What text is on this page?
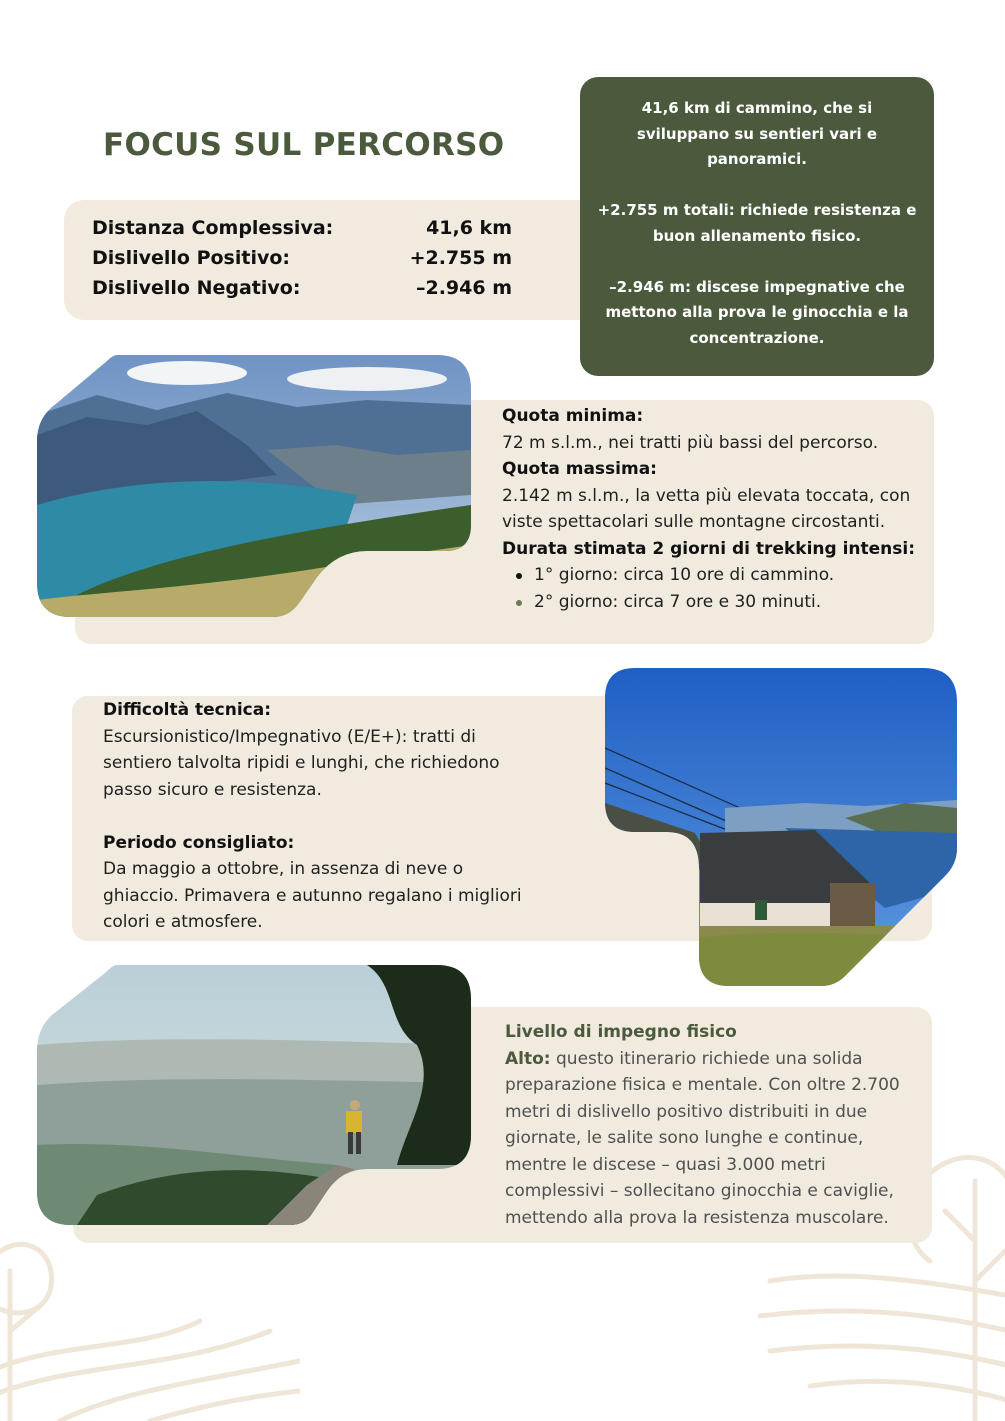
FOCUS SUL PERCORSO
Distanza Complessiva:	41,6 km
Dislivello Positivo:	+2.755 m
Dislivello Negativo:	–2.946 m

41,6 km di cammino, che si sviluppano su sentieri vari e panoramici.

+2.755 m totali: richiede resistenza e buon allenamento fisico.

–2.946 m: discese impegnative che mettono alla prova le ginocchia e la concentrazione.

Quota minima:
72 m s.l.m., nei tratti più bassi del percorso.
Quota massima:
2.142 m s.l.m., la vetta più elevata toccata, con viste spettacolari sulle montagne circostanti.
Durata stimata 2 giorni di trekking intensi:
1° giorno: circa 10 ore di cammino.
2° giorno: circa 7 ore e 30 minuti.
Difficoltà tecnica:
Escursionistico/Impegnativo (E/E+): tratti di sentiero talvolta ripidi e lunghi, che richiedono passo sicuro e resistenza.
Periodo consigliato:
Da maggio a ottobre, in assenza di neve o ghiaccio. Primavera e autunno regalano i migliori colori e atmosfere.
Livello di impegno fisico
Alto: questo itinerario richiede una solida preparazione fisica e mentale. Con oltre 2.700 metri di dislivello positivo distribuiti in due giornate, le salite sono lunghe e continue, mentre le discese – quasi 3.000 metri complessivi – sollecitano ginocchia e caviglie, mettendo alla prova la resistenza muscolare.
